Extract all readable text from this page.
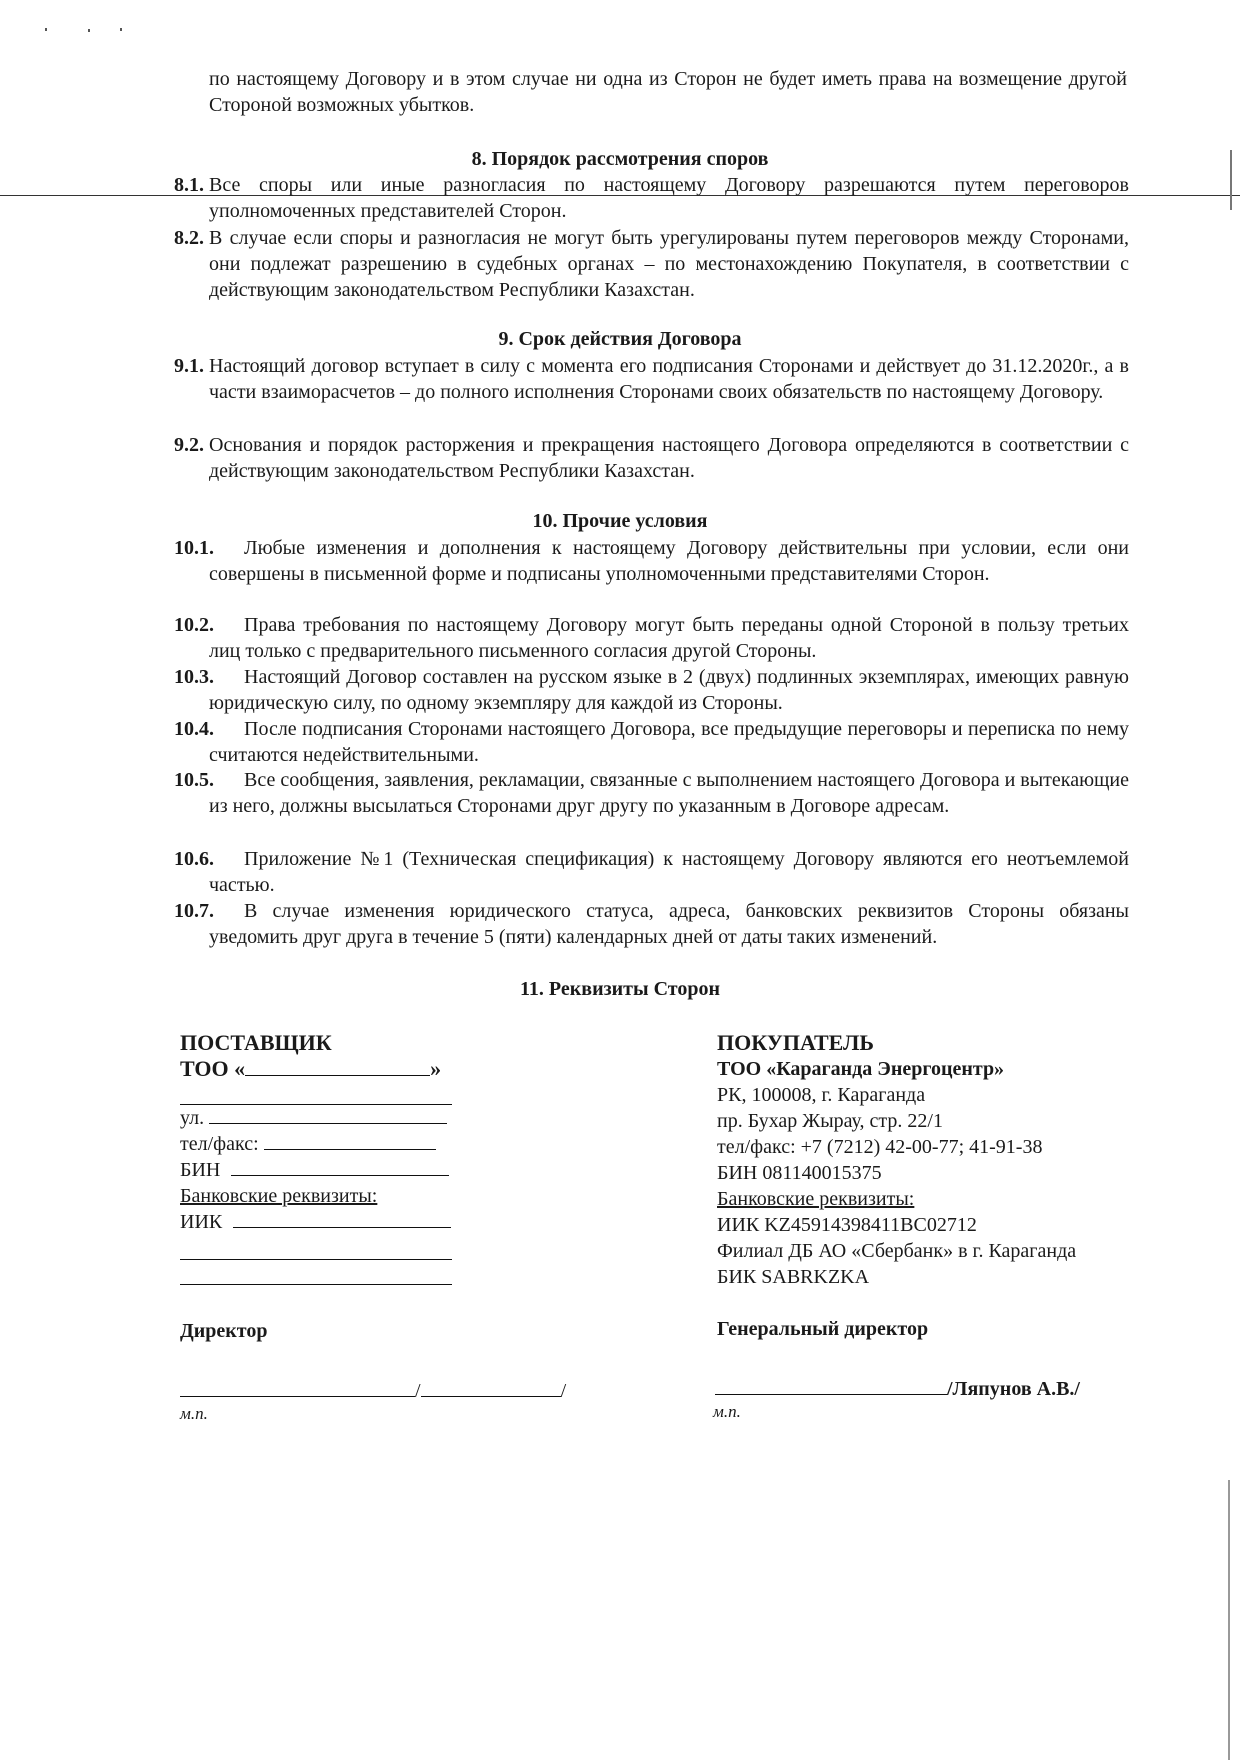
по настоящему Договору и в этом случае ни одна из Сторон не будет иметь права на возмещение другой Стороной возможных убытков.
8. Порядок рассмотрения споров
8.1. Все споры или иные разногласия по настоящему Договору разрешаются путем переговоров уполномоченных представителей Сторон.
8.2. В случае если споры и разногласия не могут быть урегулированы путем переговоров между Сторонами, они подлежат разрешению в судебных органах – по местонахождению Покупателя, в соответствии с действующим законодательством Республики Казахстан.
9. Срок действия Договора
9.1. Настоящий договор вступает в силу с момента его подписания Сторонами и действует до 31.12.2020г., а в части взаиморасчетов – до полного исполнения Сторонами своих обязательств по настоящему Договору.
9.2. Основания и порядок расторжения и прекращения настоящего Договора определяются в соответствии с действующим законодательством Республики Казахстан.
10. Прочие условия
10.1.	Любые изменения и дополнения к настоящему Договору действительны при условии, если они совершены в письменной форме и подписаны уполномоченными представителями Сторон.
10.2.	Права требования по настоящему Договору могут быть переданы одной Стороной в пользу третьих лиц только с предварительного письменного согласия другой Стороны.
10.3.	Настоящий Договор составлен на русском языке в 2 (двух) подлинных экземплярах, имеющих равную юридическую силу, по одному экземпляру для каждой из Стороны.
10.4.	После подписания Сторонами настоящего Договора, все предыдущие переговоры и переписка по нему считаются недействительными.
10.5.	Все сообщения, заявления, рекламации, связанные с выполнением настоящего Договора и вытекающие из него, должны высылаться Сторонами друг другу по указанным в Договоре адресам.
10.6.	Приложение №1 (Техническая спецификация) к настоящему Договору являются его неотъемлемой частью.
10.7.	В случае изменения юридического статуса, адреса, банковских реквизитов Стороны обязаны уведомить друг друга в течение 5 (пяти) календарных дней от даты таких изменений.
11. Реквизиты Сторон
ПОСТАВЩИК
ТОО «	»
ул.
тел/факс:
БИН
Банковские реквизиты:
ИИК
ПОКУПАТЕЛЬ
ТОО «Караганда Энергоцентр»
РК, 100008, г. Караганда
пр. Бухар Жырау, стр. 22/1
тел/факс: +7 (7212) 42-00-77; 41-91-38
БИН 081140015375
Банковские реквизиты:
ИИК KZ45914398411BC02712
Филиал ДБ АО «Сбербанк» в г. Караганда
БИК SABRKZKA
Директор	Генеральный директор
/	/	/Ляпунов А.В./
м.п.	м.п.
